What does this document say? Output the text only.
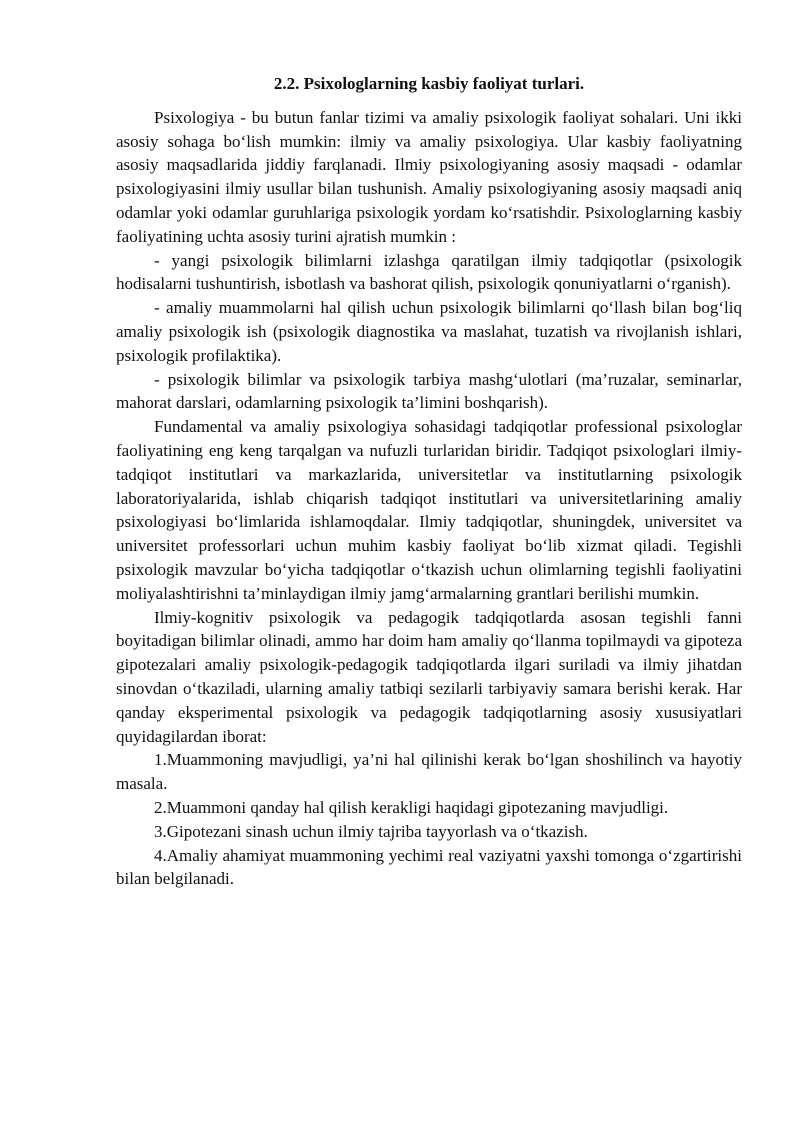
2.2. Psixologlarning kasbiy faoliyat turlari.

Psixologiya - bu butun fanlar tizimi va amaliy psixologik faoliyat sohalari. Uni ikki asosiy sohaga bo‘lish mumkin: ilmiy va amaliy psixologiya. Ular kasbiy faoliyatning asosiy maqsadlarida jiddiy farqlanadi. Ilmiy psixologiyaning asosiy maqsadi - odamlar psixologiyasini ilmiy usullar bilan tushunish. Amaliy psixologiyaning asosiy maqsadi aniq odamlar yoki odamlar guruhlariga psixologik yordam ko‘rsatishdir. Psixologlarning kasbiy faoliyatining uchta asosiy turini ajratish mumkin :

- yangi psixologik bilimlarni izlashga qaratilgan ilmiy tadqiqotlar (psixologik hodisalarni tushuntirish, isbotlash va bashorat qilish, psixologik qonuniyatlarni o‘rganish).

- amaliy muammolarni hal qilish uchun psixologik bilimlarni qo‘llash bilan bog‘liq amaliy psixologik ish (psixologik diagnostika va maslahat, tuzatish va rivojlanish ishlari, psixologik profilaktika).

- psixologik bilimlar va psixologik tarbiya mashg‘ulotlari (ma’ruzalar, seminarlar, mahorat darslari, odamlarning psixologik ta’limini boshqarish).

Fundamental va amaliy psixologiya sohasidagi tadqiqotlar professional psixologlar faoliyatining eng keng tarqalgan va nufuzli turlaridan biridir. Tadqiqot psixologlari ilmiy-tadqiqot institutlari va markazlarida, universitetlar va institutlarning psixologik laboratoriyalarida, ishlab chiqarish tadqiqot institutlari va universitetlarining amaliy psixologiyasi bo‘limlarida ishlamoqdalar. Ilmiy tadqiqotlar, shuningdek, universitet va universitet professorlari uchun muhim kasbiy faoliyat bo‘lib xizmat qiladi. Tegishli psixologik mavzular bo‘yicha tadqiqotlar o‘tkazish uchun olimlarning tegishli faoliyatini moliyalashtirishni ta’minlaydigan ilmiy jamg‘armalarning grantlari berilishi mumkin.

Ilmiy-kognitiv psixologik va pedagogik tadqiqotlarda asosan tegishli fanni boyitadigan bilimlar olinadi, ammo har doim ham amaliy qo‘llanma topilmaydi va gipoteza gipotezalari amaliy psixologik-pedagogik tadqiqotlarda ilgari suriladi va ilmiy jihatdan sinovdan o‘tkaziladi, ularning amaliy tatbiqi sezilarli tarbiyaviy samara berishi kerak. Har qanday eksperimental psixologik va pedagogik tadqiqotlarning asosiy xususiyatlari quyidagilardan iborat:

1.Muammoning mavjudligi, ya’ni hal qilinishi kerak bo‘lgan shoshilinch va hayotiy masala.

2.Muammoni qanday hal qilish kerakligi haqidagi gipotezaning mavjudligi.

3.Gipotezani sinash uchun ilmiy tajriba tayyorlash va o‘tkazish.

4.Amaliy ahamiyat muammoning yechimi real vaziyatni yaxshi tomonga o‘zgartirishi bilan belgilanadi.
